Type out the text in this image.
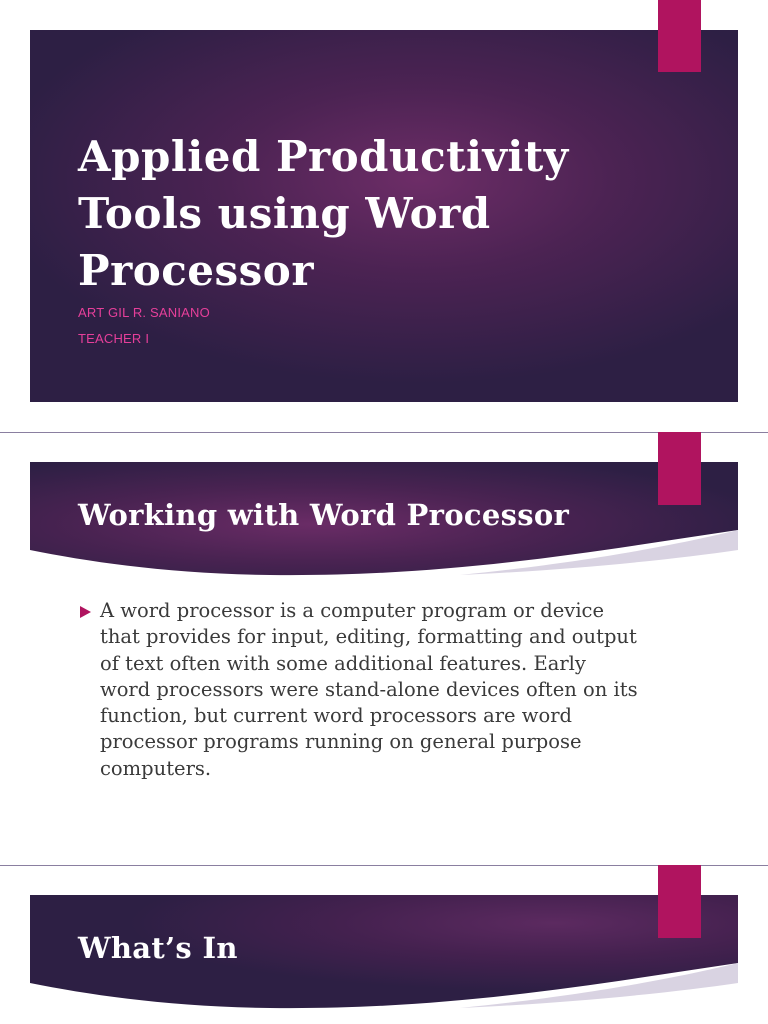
Applied Productivity
Tools using Word
Processor

ART GIL R. SANIANO

TEACHER I

Working with Word Processor

A word processor is a computer program or device that provides for input, editing, formatting and output of text often with some additional features. Early word processors were stand-alone devices often on its function, but current word processors are word processor programs running on general purpose computers.

What’s In
